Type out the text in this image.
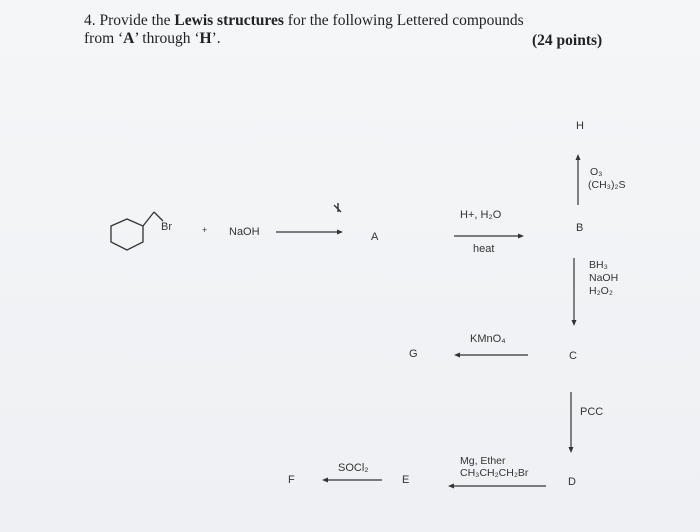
4. Provide the Lewis structures for the following Lettered compounds
from ‘A’ through ‘H’.	(24 points)
Br	+ NaOH	A
B
H
C
G
D
E
F
H+, H₂O
heat
O₃
(CH₃)₂S
BH₃
NaOH
H₂O₂
KMnO₄
PCC
Mg, Ether
CH₃CH₂CH₂Br
SOCl₂
